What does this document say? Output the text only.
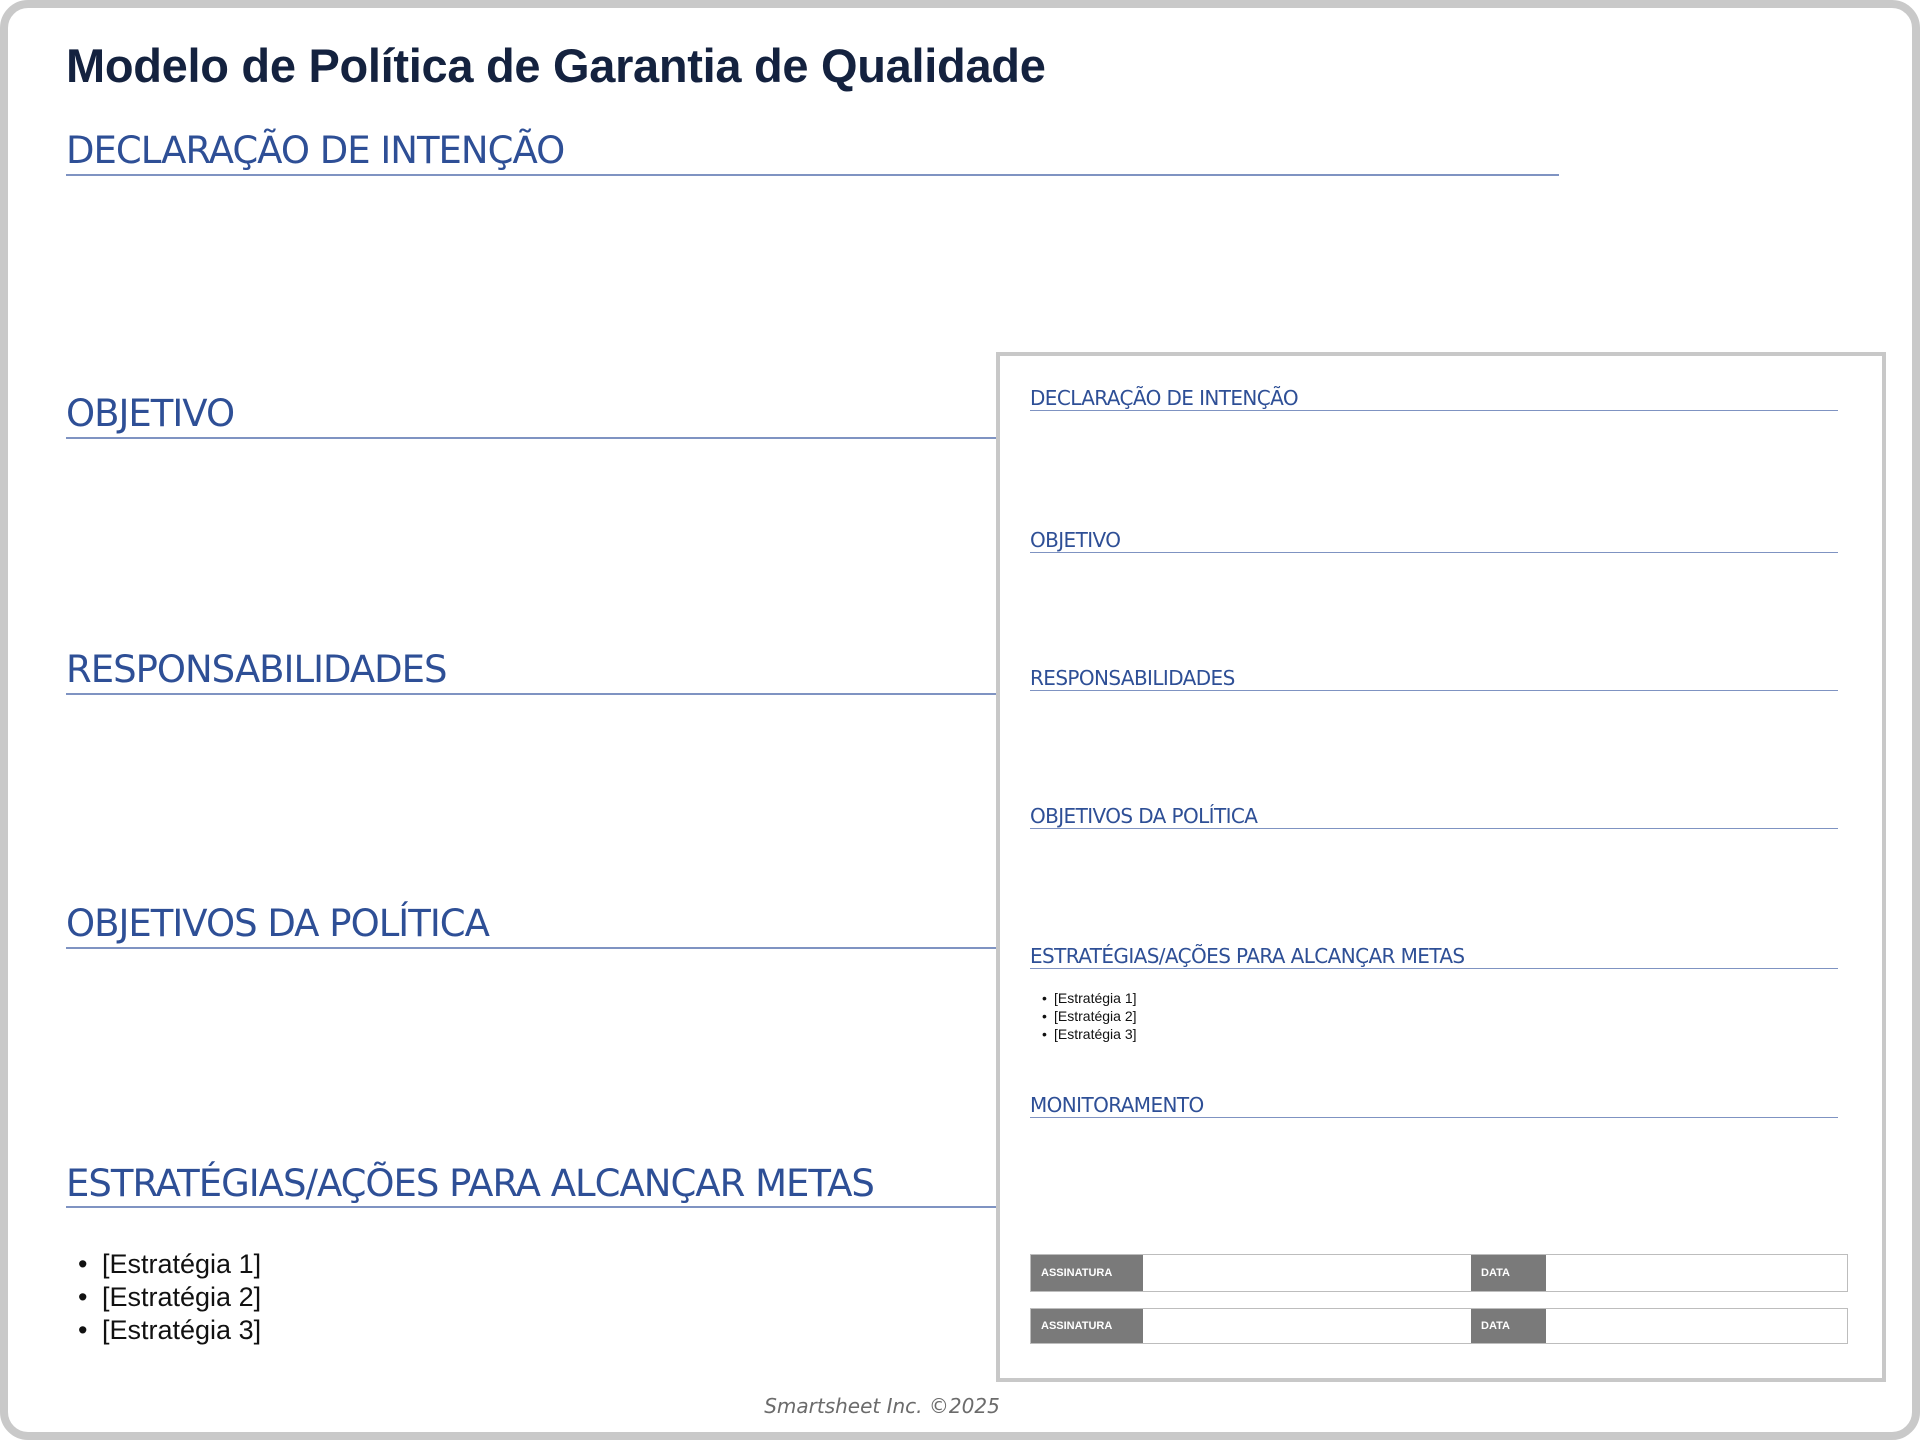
Modelo de Política de Garantia de Qualidade
DECLARAÇÃO DE INTENÇÃO
OBJETIVO
RESPONSABILIDADES
OBJETIVOS DA POLÍTICA
ESTRATÉGIAS/AÇÕES PARA ALCANÇAR METAS
• [Estratégia 1]
• [Estratégia 2]
• [Estratégia 3]
DECLARAÇÃO DE INTENÇÃO
OBJETIVO
RESPONSABILIDADES
OBJETIVOS DA POLÍTICA
ESTRATÉGIAS/AÇÕES PARA ALCANÇAR METAS
• [Estratégia 1]
• [Estratégia 2]
• [Estratégia 3]
MONITORAMENTO
ASSINATURA	DATA
ASSINATURA	DATA
Smartsheet Inc. ©2025
